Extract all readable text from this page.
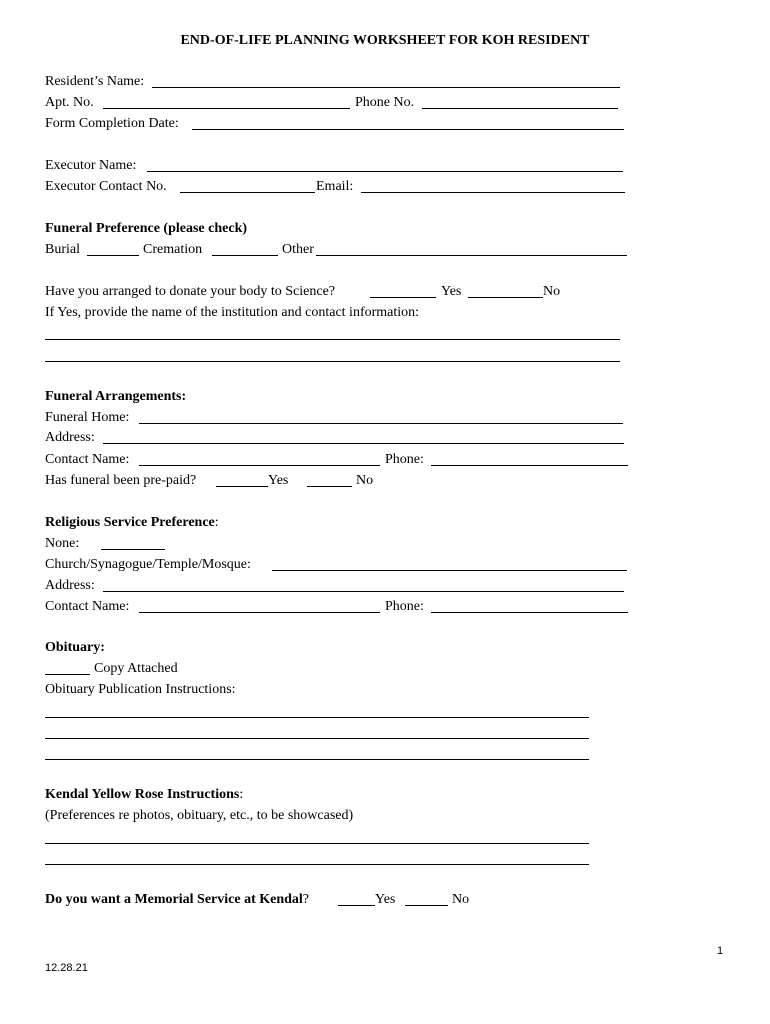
END-OF-LIFE PLANNING WORKSHEET FOR KOH RESIDENT
Resident’s Name:
Apt. No.	Phone No.
Form Completion Date:
Executor Name:
Executor Contact No.	Email:
Funeral Preference (please check)
Burial	Cremation	Other
Have you arranged to donate your body to Science?	Yes	No
If Yes, provide the name of the institution and contact information:
Funeral Arrangements:
Funeral Home:
Address:
Contact Name:	Phone:
Has funeral been pre-paid?	Yes	No
Religious Service Preference:
None:
Church/Synagogue/Temple/Mosque:
Address:
Contact Name:	Phone:
Obituary:
Copy Attached
Obituary Publication Instructions:
Kendal Yellow Rose Instructions:
(Preferences re photos, obituary, etc., to be showcased)
Do you want a Memorial Service at Kendal?	Yes	No
1
12.28.21
